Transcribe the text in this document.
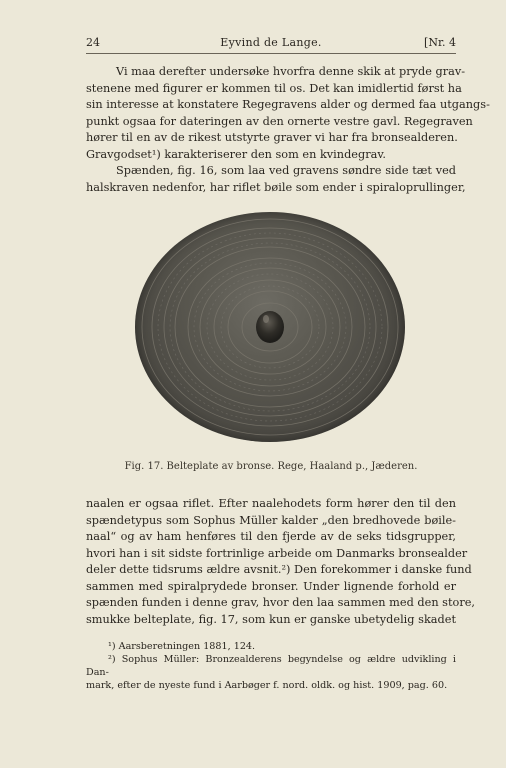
24	Eyvind de Lange.	[Nr. 4
Vi maa derefter undersøke hvorfra denne skik at pryde grav-
stenene med figurer er kommen til os. Det kan imidlertid først ha
sin interesse at konstatere Regegravens alder og dermed faa utgangs-
punkt ogsaa for dateringen av den ornerte vestre gavl. Regegraven
hører til en av de rikest utstyrte graver vi har fra bronsealderen.
Gravgodset¹) karakteriserer den som en kvindegrav.
Spænden, fig. 16, som laa ved gravens søndre side tæt ved
halskraven nedenfor, har riflet bøile som ender i spiraloprullinger,
Fig. 17. Belteplate av bronse. Rege, Haaland p., Jæderen.
naalen er ogsaa riflet. Efter naalehodets form hører den til den
spændetypus som Sophus Müller kalder „den bredhovede bøile-
naal“ og av ham henføres til den fjerde av de seks tidsgrupper,
hvori han i sit sidste fortrinlige arbeide om Danmarks bronsealder
deler dette tidsrums ældre avsnit.²) Den forekommer i danske fund
sammen med spiralprydede bronser. Under lignende forhold er
spænden funden i denne grav, hvor den laa sammen med den store,
smukke belteplate, fig. 17, som kun er ganske ubetydelig skadet
¹) Aarsberetningen 1881, 124.
²) Sophus Müller: Bronzealderens begyndelse og ældre udvikling i Dan-
mark, efter de nyeste fund i Aarbøger f. nord. oldk. og hist. 1909, pag. 60.
